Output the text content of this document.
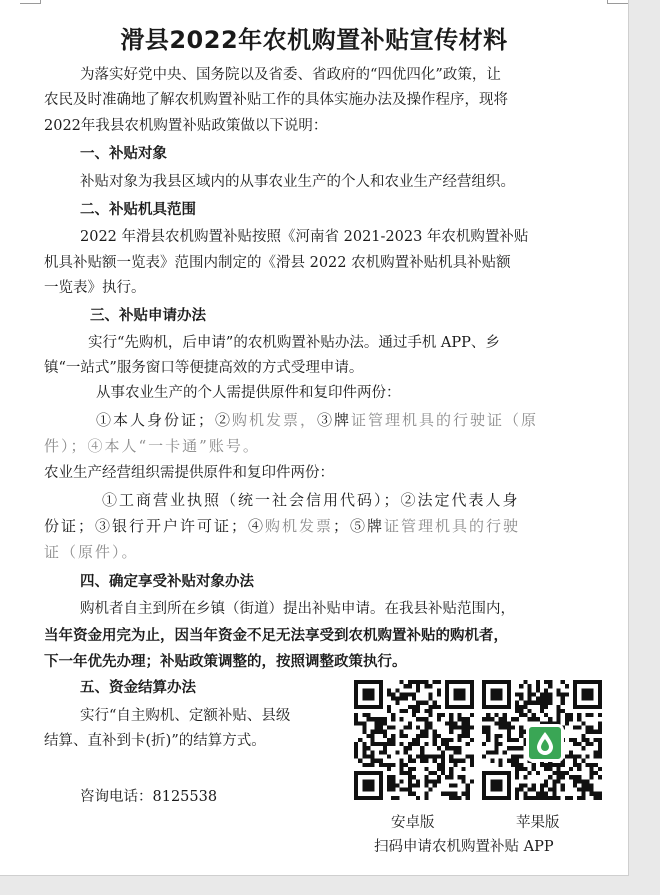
滑县2022年农机购置补贴宣传材料
为落实好党中央、国务院以及省委、省政府的“四优四化”政策，让
农民及时准确地了解农机购置补贴工作的具体实施办法及操作程序，现将
2022年我县农机购置补贴政策做以下说明：
一、补贴对象
补贴对象为我县区域内的从事农业生产的个人和农业生产经营组织。
二、补贴机具范围
2022 年滑县农机购置补贴按照《河南省 2021-2023 年农机购置补贴
机具补贴额一览表》范围内制定的《滑县 2022 农机购置补贴机具补贴额
一览表》执行。
三、补贴申请办法
实行“先购机，后申请”的农机购置补贴办法。通过手机 APP、乡
镇“一站式”服务窗口等便捷高效的方式受理申请。
从事农业生产的个人需提供原件和复印件两份：
①本人身份证；②购机发票，③牌证管理机具的行驶证（原
件）；④本人“一卡通”账号。
农业生产经营组织需提供原件和复印件两份：
①工商营业执照（统一社会信用代码）；②法定代表人身
份证；③银行开户许可证；④购机发票；⑤牌证管理机具的行驶
证（原件）。
四、确定享受补贴对象办法
购机者自主到所在乡镇（街道）提出补贴申请。在我县补贴范围内，
当年资金用完为止，因当年资金不足无法享受到农机购置补贴的购机者，
下一年优先办理；补贴政策调整的，按照调整政策执行。
五、资金结算办法
实行“自主购机、定额补贴、县级
结算、直补到卡(折)”的结算方式。
咨询电话：8125538
安卓版	苹果版
扫码申请农机购置补贴 APP
